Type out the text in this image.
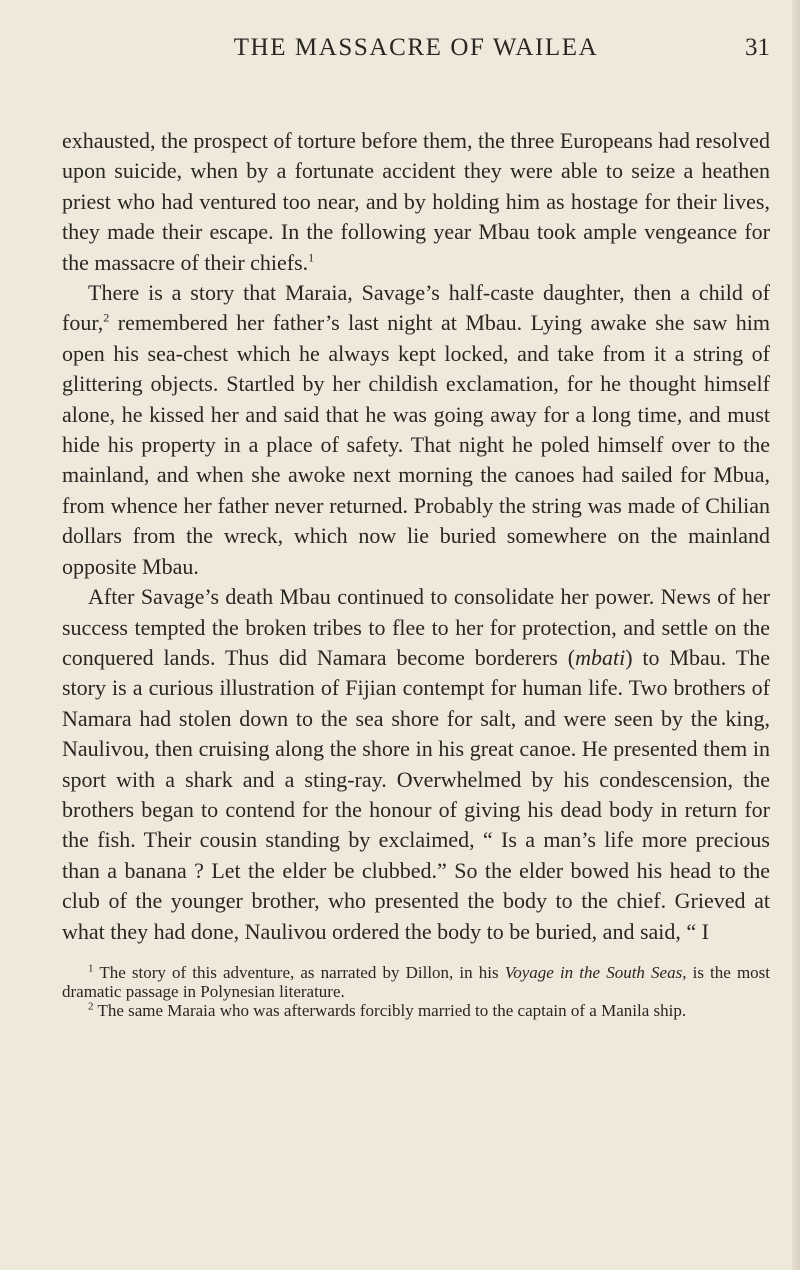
THE MASSACRE OF WAILEA	31

exhausted, the prospect of torture before them, the three Europeans had resolved upon suicide, when by a fortunate accident they were able to seize a heathen priest who had ventured too near, and by holding him as hostage for their lives, they made their escape. In the following year Mbau took ample vengeance for the massacre of their chiefs.$^1$

There is a story that Maraia, Savage’s half-caste daughter, then a child of four,$^2$ remembered her father’s last night at Mbau. Lying awake she saw him open his sea-chest which he always kept locked, and take from it a string of glittering objects. Startled by her childish exclamation, for he thought himself alone, he kissed her and said that he was going away for a long time, and must hide his property in a place of safety. That night he poled himself over to the mainland, and when she awoke next morning the canoes had sailed for Mbua, from whence her father never returned. Probably the string was made of Chilian dollars from the wreck, which now lie buried somewhere on the mainland opposite Mbau.

After Savage’s death Mbau continued to consolidate her power. News of her success tempted the broken tribes to flee to her for protection, and settle on the conquered lands. Thus did Namara become borderers (mbati) to Mbau. The story is a curious illustration of Fijian contempt for human life. Two brothers of Namara had stolen down to the sea shore for salt, and were seen by the king, Naulivou, then cruising along the shore in his great canoe. He presented them in sport with a shark and a sting-ray. Overwhelmed by his condescension, the brothers began to contend for the honour of giving his dead body in return for the fish. Their cousin standing by exclaimed, “ Is a man’s life more precious than a banana ? Let the elder be clubbed.” So the elder bowed his head to the club of the younger brother, who presented the body to the chief. Grieved at what they had done, Naulivou ordered the body to be buried, and said, “ I

$^1$ The story of this adventure, as narrated by Dillon, in his Voyage in the South Seas, is the most dramatic passage in Polynesian literature.

$^2$ The same Maraia who was afterwards forcibly married to the captain of a Manila ship.
